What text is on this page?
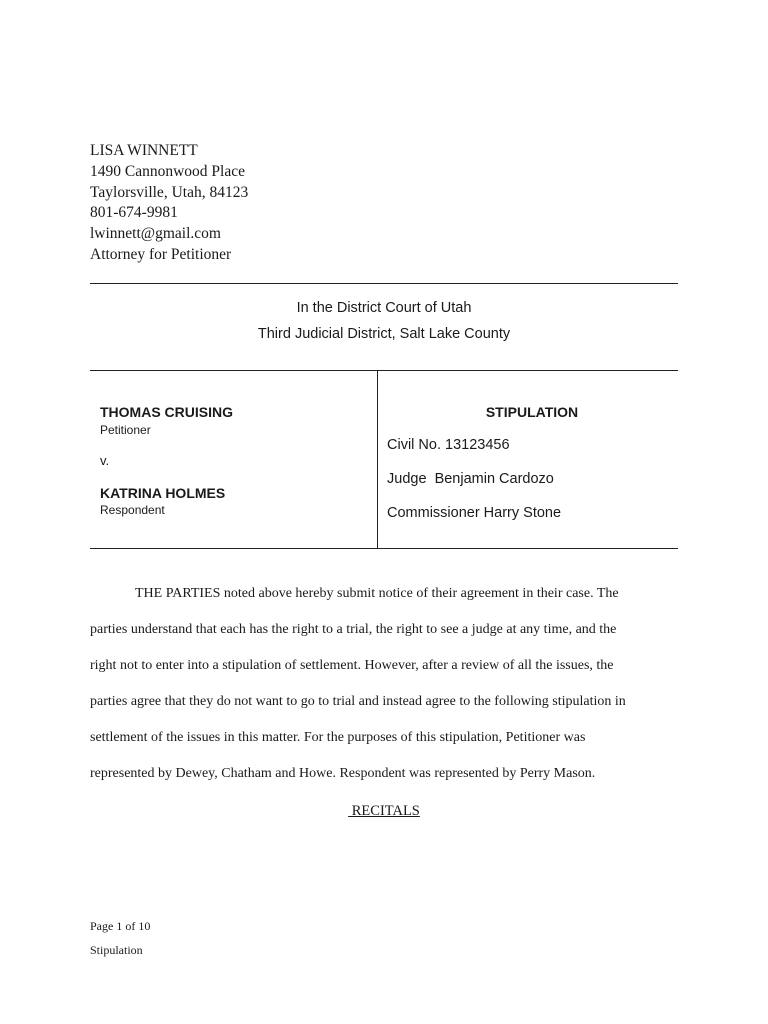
LISA WINNETT
1490 Cannonwood Place
Taylorsville, Utah, 84123
801-674-9981
lwinnett@gmail.com
Attorney for Petitioner
In the District Court of Utah
Third Judicial District, Salt Lake County
THOMAS CRUISING
Petitioner
v.
KATRINA HOLMES
Respondent
STIPULATION
Civil No. 13123456
Judge  Benjamin Cardozo
Commissioner Harry Stone
THE PARTIES noted above hereby submit notice of their agreement in their case. The
parties understand that each has the right to a trial, the right to see a judge at any time, and the
right not to enter into a stipulation of settlement. However, after a review of all the issues, the
parties agree that they do not want to go to trial and instead agree to the following stipulation in
settlement of the issues in this matter. For the purposes of this stipulation, Petitioner was
represented by Dewey, Chatham and Howe. Respondent was represented by Perry Mason.
RECITALS
Page 1 of 10
Stipulation
